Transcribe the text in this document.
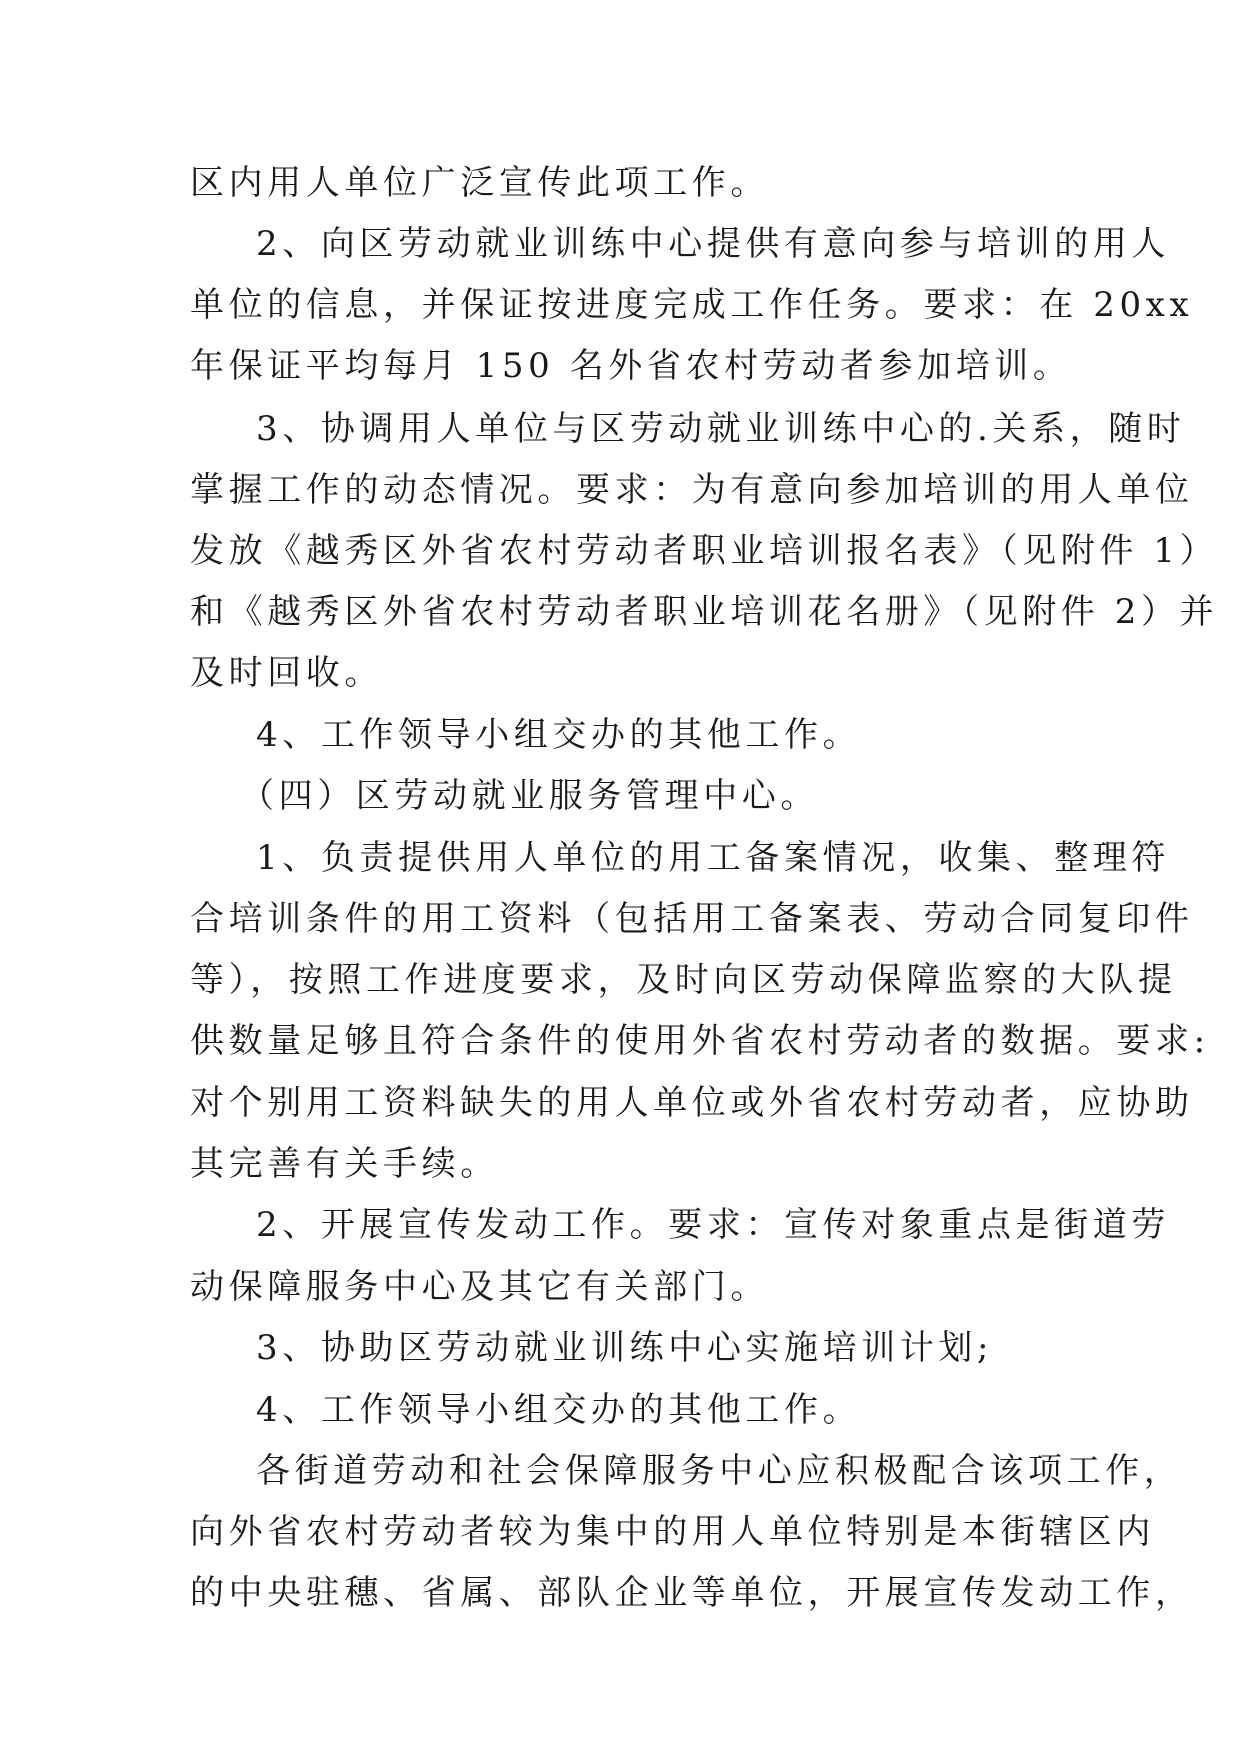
区内用人单位广泛宣传此项工作。
2、向区劳动就业训练中心提供有意向参与培训的用人
单位的信息，并保证按进度完成工作任务。要求：在 20xx
年保证平均每月 150 名外省农村劳动者参加培训。
3、协调用人单位与区劳动就业训练中心的.关系，随时
掌握工作的动态情况。要求：为有意向参加培训的用人单位
发放《越秀区外省农村劳动者职业培训报名表》（见附件 1）
和《越秀区外省农村劳动者职业培训花名册》（见附件 2）并
及时回收。
4、工作领导小组交办的其他工作。
（四）区劳动就业服务管理中心。
1、负责提供用人单位的用工备案情况，收集、整理符
合培训条件的用工资料（包括用工备案表、劳动合同复印件
等），按照工作进度要求，及时向区劳动保障监察的大队提
供数量足够且符合条件的使用外省农村劳动者的数据。要求:
对个别用工资料缺失的用人单位或外省农村劳动者，应协助
其完善有关手续。
2、开展宣传发动工作。要求：宣传对象重点是街道劳
动保障服务中心及其它有关部门。
3、协助区劳动就业训练中心实施培训计划;
4、工作领导小组交办的其他工作。
各街道劳动和社会保障服务中心应积极配合该项工作，
向外省农村劳动者较为集中的用人单位特别是本街辖区内
的中央驻穗、省属、部队企业等单位，开展宣传发动工作，
